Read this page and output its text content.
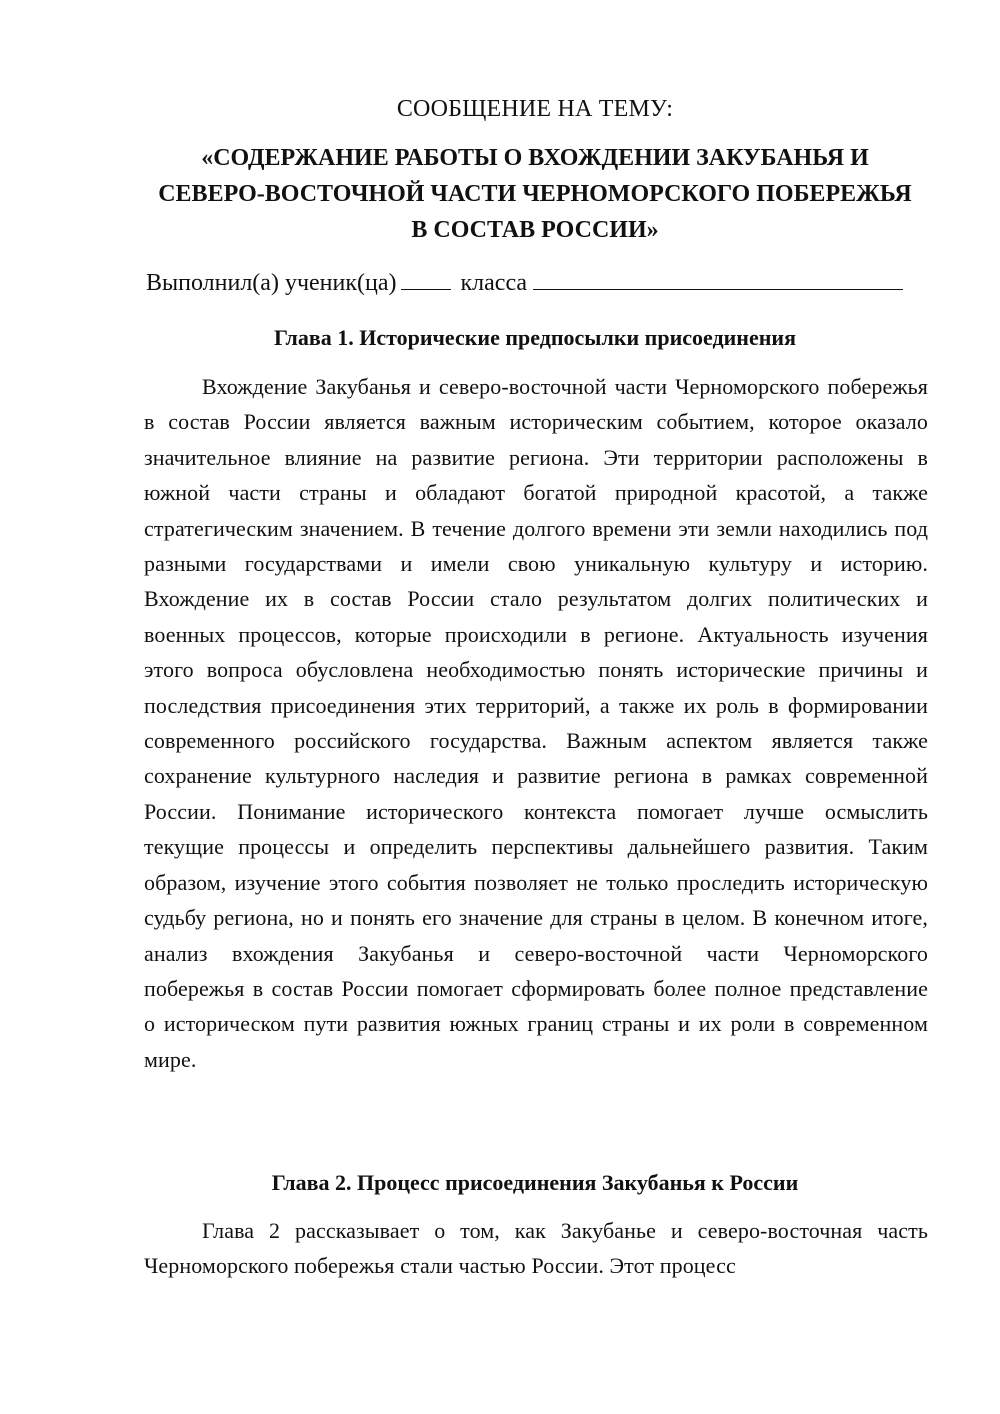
СООБЩЕНИЕ НА ТЕМУ:
«СОДЕРЖАНИЕ РАБОТЫ О ВХОЖДЕНИИ ЗАКУБАНЬЯ И
СЕВЕРО-ВОСТОЧНОЙ ЧАСТИ ЧЕРНОМОРСКОГО ПОБЕРЕЖЬЯ
В СОСТАВ РОССИИ»
Выполнил(а) ученик(ца)	класса
Глава 1. Исторические предпосылки присоединения
Вхождение Закубанья и северо-восточной части Черноморского побережья в состав России является важным историческим событием, которое оказало значительное влияние на развитие региона. Эти территории расположены в южной части страны и обладают богатой природной красотой, а также стратегическим значением. В течение долгого времени эти земли находились под разными государствами и имели свою уникальную культуру и историю. Вхождение их в состав России стало результатом долгих политических и военных процессов, которые происходили в регионе. Актуальность изучения этого вопроса обусловлена необходимостью понять исторические причины и последствия присоединения этих территорий, а также их роль в формировании современного российского государства. Важным аспектом является также сохранение культурного наследия и развитие региона в рамках современной России. Понимание исторического контекста помогает лучше осмыслить текущие процессы и определить перспективы дальнейшего развития. Таким образом, изучение этого события позволяет не только проследить историческую судьбу региона, но и понять его значение для страны в целом. В конечном итоге, анализ вхождения Закубанья и северо-восточной части Черноморского побережья в состав России помогает сформировать более полное представление о историческом пути развития южных границ страны и их роли в современном мире.
Глава 2. Процесс присоединения Закубанья к России
Глава 2 рассказывает о том, как Закубанье и северо-восточная часть Черноморского побережья стали частью России. Этот процесс
